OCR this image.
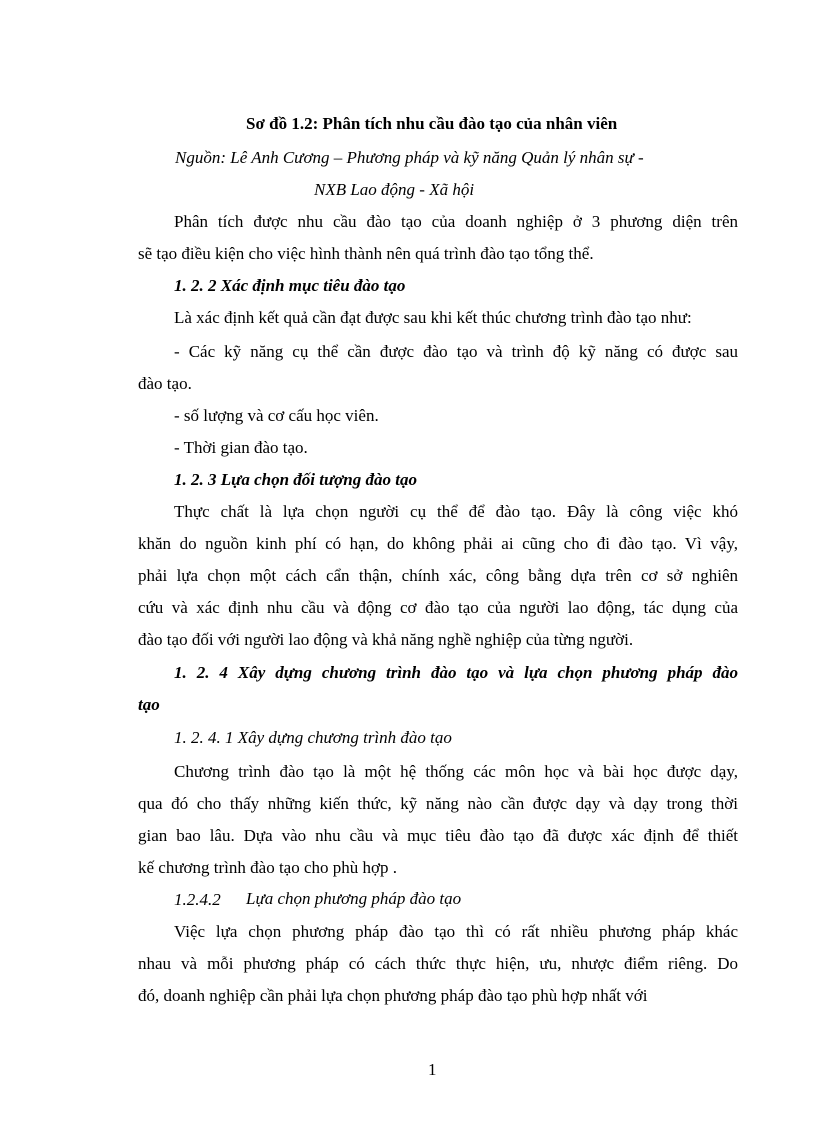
Sơ đồ 1.2: Phân tích nhu cầu đào tạo của nhân viên
Nguồn: Lê Anh Cương – Phương pháp và kỹ năng Quản lý nhân sự -
NXB Lao động - Xã hội
Phân tích được nhu cầu đào tạo của doanh nghiệp ở 3 phương diện trên
sẽ tạo điều kiện cho việc hình thành nên quá trình đào tạo tổng thể.
1. 2. 2 Xác định mục tiêu đào tạo
Là xác định kết quả cần đạt được sau khi kết thúc chương trình đào tạo như:
- Các kỹ năng cụ thể cần được đào tạo và trình độ kỹ năng có được sau
đào tạo.
- số lượng và cơ cấu học viên.
- Thời gian đào tạo.
1. 2. 3 Lựa chọn đối tượng đào tạo
Thực chất là lựa chọn người cụ thể để đào tạo. Đây là công việc khó
khăn do nguồn kinh phí có hạn, do không phải ai cũng cho đi đào tạo. Vì vậy,
phải lựa chọn một cách cẩn thận, chính xác, công bằng dựa trên cơ sở nghiên
cứu và xác định nhu cầu và động cơ đào tạo của người lao động, tác dụng của
đào tạo đối với người lao động và khả năng nghề nghiệp của từng người.
1. 2. 4 Xây dựng chương trình đào tạo và lựa chọn phương pháp đào
tạo
1. 2. 4. 1 Xây dựng chương trình đào tạo
Chương trình đào tạo là một hệ thống các môn học và bài học được dạy,
qua đó cho thấy những kiến thức, kỹ năng nào cần được dạy và dạy trong thời
gian bao lâu. Dựa vào nhu cầu và mục tiêu đào tạo đã được xác định để thiết
kế chương trình đào tạo cho phù hợp .
1.2.4.2 Lựa chọn phương pháp đào tạo
Việc lựa chọn phương pháp đào tạo thì có rất nhiều phương pháp khác
nhau và mỗi phương pháp có cách thức thực hiện, ưu, nhược điểm riêng. Do
đó, doanh nghiệp cần phải lựa chọn phương pháp đào tạo phù hợp nhất với
1
